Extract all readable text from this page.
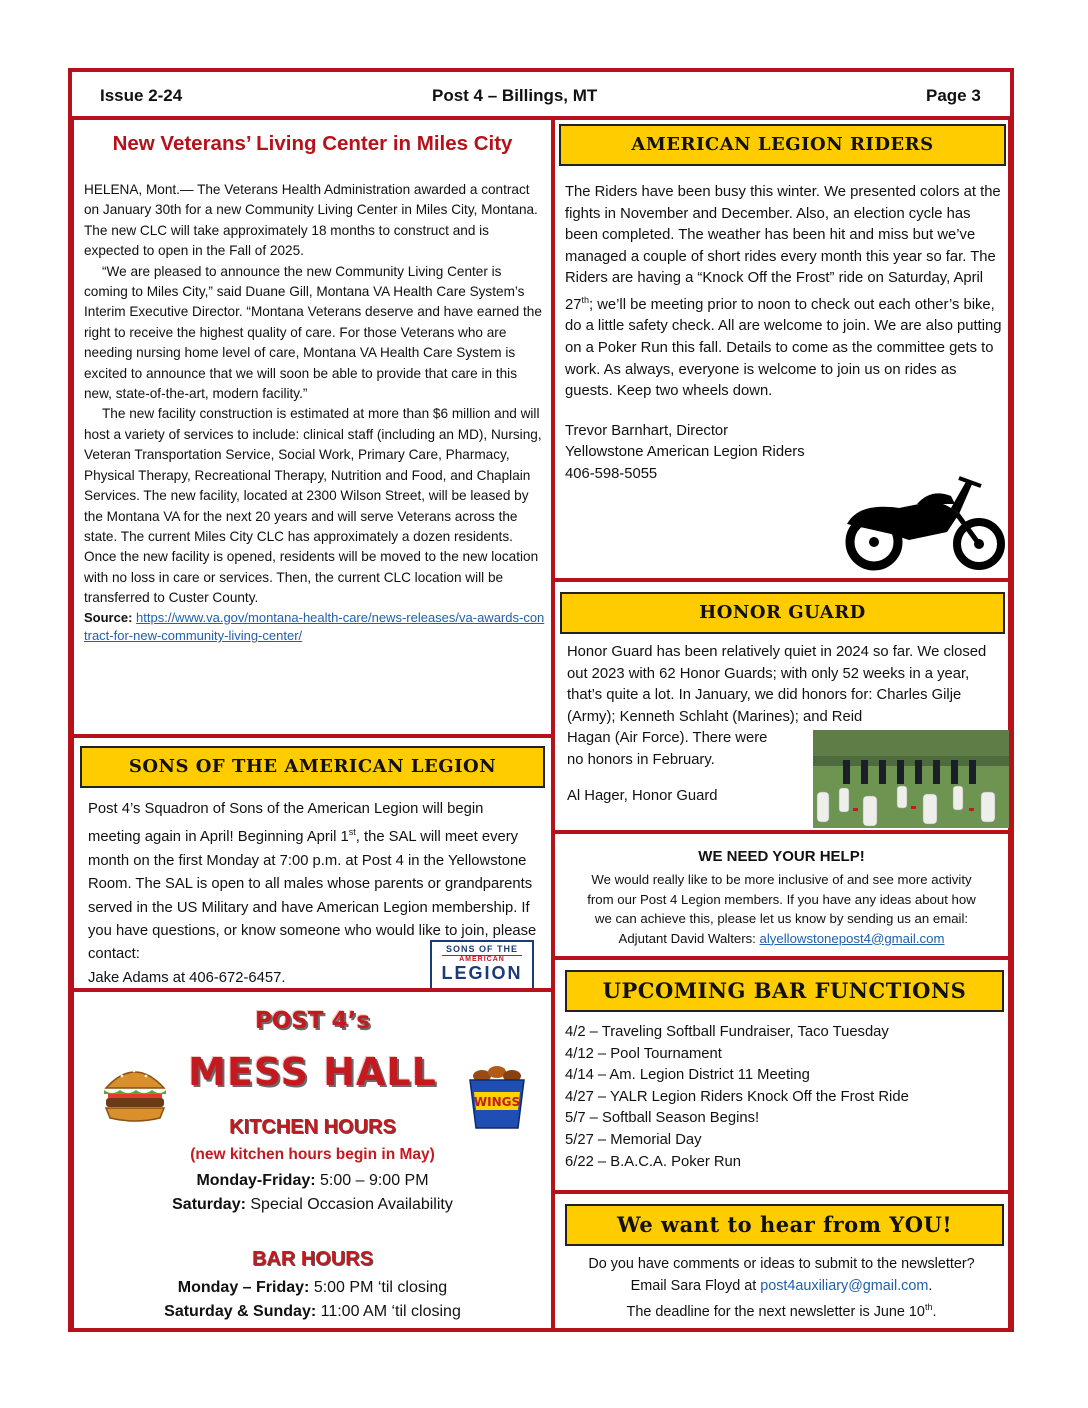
Issue 2-24	Post 4 – Billings, MT	Page 3
New Veterans’ Living Center in Miles City

HELENA, Mont.— The Veterans Health Administration awarded a contract on January 30th for a new Community Living Center in Miles City, Montana. The new CLC will take approximately 18 months to construct and is expected to open in the Fall of 2025.

“We are pleased to announce the new Community Living Center is coming to Miles City,” said Duane Gill, Montana VA Health Care System’s Interim Executive Director. “Montana Veterans deserve and have earned the right to receive the highest quality of care. For those Veterans who are needing nursing home level of care, Montana VA Health Care System is excited to announce that we will soon be able to provide that care in this new, state-of-the-art, modern facility.”

The new facility construction is estimated at more than $6 million and will host a variety of services to include: clinical staff (including an MD), Nursing, Veteran Transportation Service, Social Work, Primary Care, Pharmacy, Physical Therapy, Recreational Therapy, Nutrition and Food, and Chaplain Services. The new facility, located at 2300 Wilson Street, will be leased by the Montana VA for the next 20 years and will serve Veterans across the state. The current Miles City CLC has approximately a dozen residents. Once the new facility is opened, residents will be moved to the new location with no loss in care or services. Then, the current CLC location will be transferred to Custer County.

Source: https://www.va.gov/montana-health-care/news-releases/va-awards-contract-for-new-community-living-center/

SONS OF THE AMERICAN LEGION
Post 4’s Squadron of Sons of the American Legion will begin meeting again in April! Beginning April 1st, the SAL will meet every month on the first Monday at 7:00 p.m. at Post 4 in the Yellowstone Room. The SAL is open to all males whose parents or grandparents served in the US Military and have American Legion membership. If you have questions, or know someone who would like to join, please contact:
Jake Adams at 406-672-6457.
SONS OF THE
AMERICAN
LEGION
POST 4’s
MESS HALL
WINGS
KITCHEN HOURS
(new kitchen hours begin in May)
Monday-Friday: 5:00 – 9:00 PM
Saturday: Special Occasion Availability
BAR HOURS
Monday – Friday: 5:00 PM ‘til closing
Saturday & Sunday: 11:00 AM ‘til closing
AMERICAN LEGION RIDERS
The Riders have been busy this winter. We presented colors at the fights in November and December. Also, an election cycle has been completed. The weather has been hit and miss but we’ve managed a couple of short rides every month this year so far. The Riders are having a “Knock Off the Frost” ride on Saturday, April 27th; we’ll be meeting prior to noon to check out each other’s bike, do a little safety check. All are welcome to join. We are also putting on a Poker Run this fall. Details to come as the committee gets to work. As always, everyone is welcome to join us on rides as guests. Keep two wheels down.
Trevor Barnhart, Director
Yellowstone American Legion Riders
406-598-5055
HONOR GUARD
Honor Guard has been relatively quiet in 2024 so far. We closed out 2023 with 62 Honor Guards; with only 52 weeks in a year, that’s quite a lot. In January, we did honors for: Charles Gilje (Army); Kenneth Schlaht (Marines); and Reid
Hagan (Air Force). There were
no honors in February.
Al Hager, Honor Guard
WE NEED YOUR HELP!
We would really like to be more inclusive of and see more activity
from our Post 4 Legion members. If you have any ideas about how
we can achieve this, please let us know by sending us an email:
Adjutant David Walters: alyellowstonepost4@gmail.com
UPCOMING BAR FUNCTIONS
4/2 – Traveling Softball Fundraiser, Taco Tuesday
4/12 – Pool Tournament
4/14 – Am. Legion District 11 Meeting
4/27 – YALR Legion Riders Knock Off the Frost Ride
5/7 – Softball Season Begins!
5/27 – Memorial Day
6/22 – B.A.C.A. Poker Run
We want to hear from YOU!
Do you have comments or ideas to submit to the newsletter?
Email Sara Floyd at post4auxiliary@gmail.com.
The deadline for the next newsletter is June 10th.
